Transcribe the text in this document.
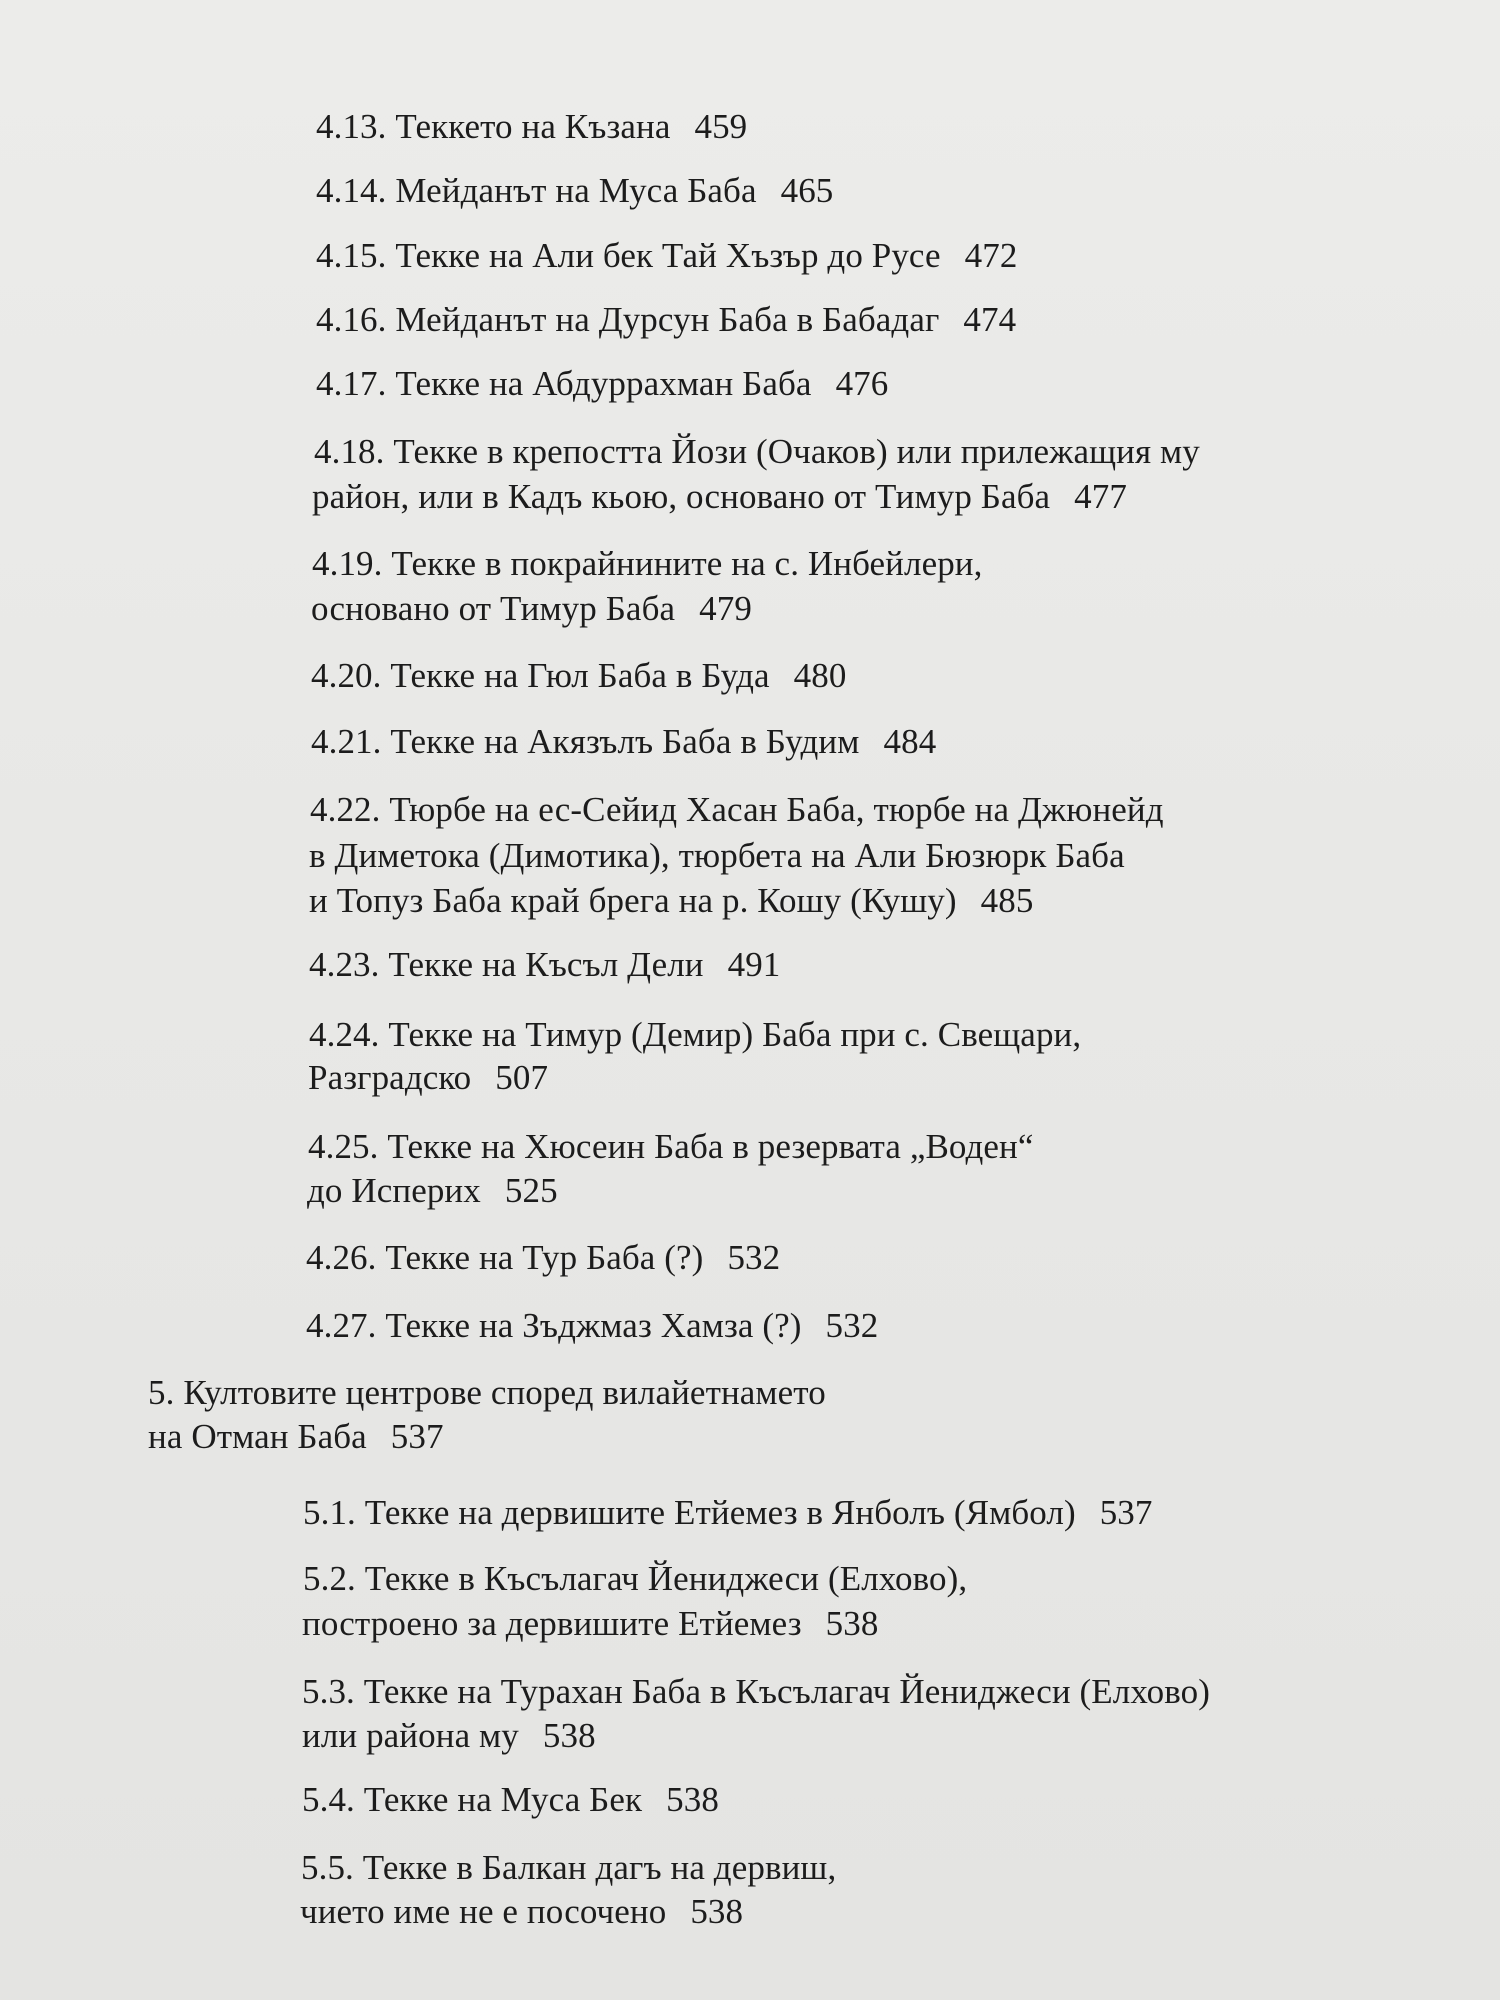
4.13. Теккето на Къзана 459
4.14. Мейданът на Муса Баба 465
4.15. Текке на Али бек Тай Хъзър до Русе 472
4.16. Мейданът на Дурсун Баба в Бабадаг 474
4.17. Текке на Абдуррахман Баба 476
4.18. Текке в крепостта Йози (Очаков) или прилежащия му
район, или в Кадъ кьою, основано от Тимур Баба 477
4.19. Текке в покрайнините на с. Инбейлери,
основано от Тимур Баба 479
4.20. Текке на Гюл Баба в Буда 480
4.21. Текке на Акязълъ Баба в Будим 484
4.22. Тюрбе на ес-Сейид Хасан Баба, тюрбе на Джюнейд
в Диметока (Димотика), тюрбета на Али Бюзюрк Баба
и Топуз Баба край брега на р. Кошу (Кушу) 485
4.23. Текке на Късъл Дели 491
4.24. Текке на Тимур (Демир) Баба при с. Свещари,
Разградско 507
4.25. Текке на Хюсеин Баба в резервата „Воден“
до Исперих 525
4.26. Текке на Тур Баба (?) 532
4.27. Текке на Зъджмаз Хамза (?) 532
5. Култовите центрове според вилайетнамето
на Отман Баба 537
5.1. Текке на дервишите Етйемез в Янболъ (Ямбол) 537
5.2. Текке в Късълагач Йениджеси (Елхово),
построено за дервишите Етйемез 538
5.3. Текке на Турахан Баба в Късълагач Йениджеси (Елхово)
или района му 538
5.4. Текке на Муса Бек 538
5.5. Текке в Балкан дагъ на дервиш,
чието име не е посочено 538
